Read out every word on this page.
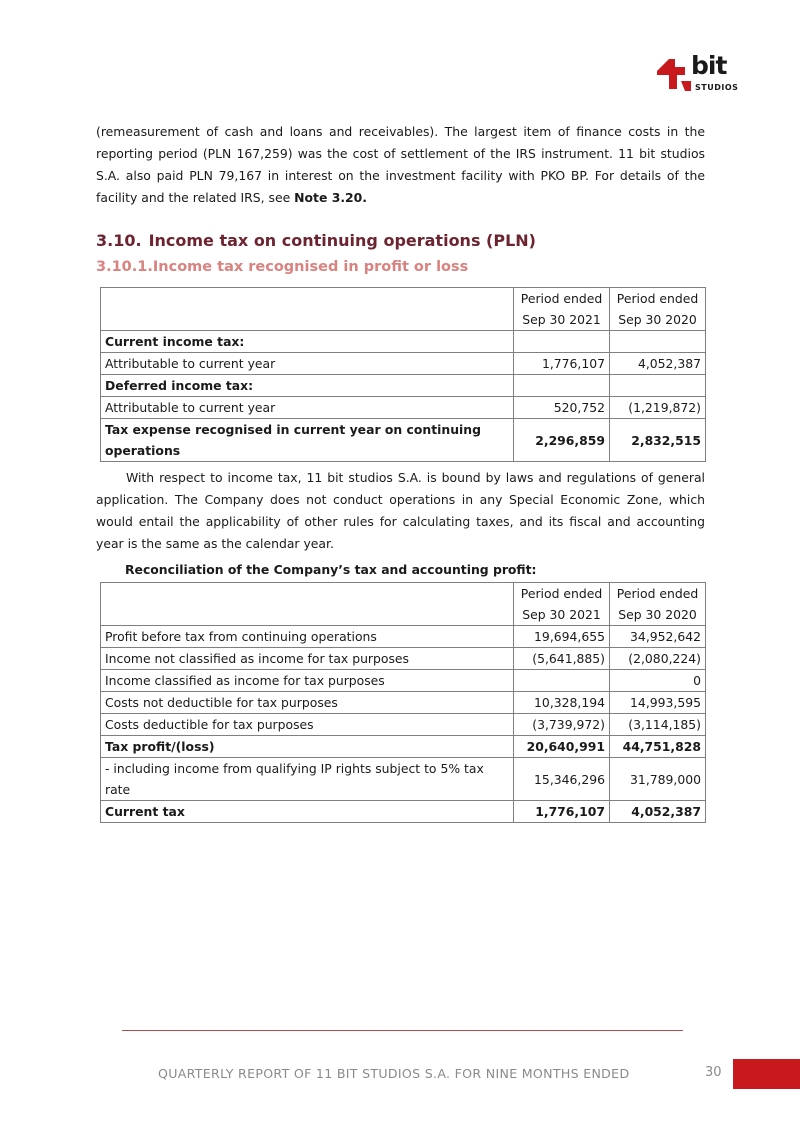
bit
STUDIOS

(remeasurement of cash and loans and receivables). The largest item of finance costs in the reporting period (PLN 167,259) was the cost of settlement of the IRS instrument. 11 bit studios S.A. also paid PLN 79,167 in interest on the investment facility with PKO BP. For details of the facility and the related IRS, see Note 3.20.

3.10. Income tax on continuing operations (PLN)
3.10.1.Income tax recognised in profit or loss
	Period ended Sep 30 2021	Period ended Sep 30 2020
Current income tax:		
Attributable to current year	1,776,107	4,052,387
Deferred income tax:		
Attributable to current year	520,752	(1,219,872)
Tax expense recognised in current year on continuing operations	2,296,859	2,832,515

With respect to income tax, 11 bit studios S.A. is bound by laws and regulations of general application. The Company does not conduct operations in any Special Economic Zone, which would entail the applicability of other rules for calculating taxes, and its fiscal and accounting year is the same as the calendar year.

Reconciliation of the Company’s tax and accounting profit:

	Period ended Sep 30 2021	Period ended Sep 30 2020
Profit before tax from continuing operations	19,694,655	34,952,642
Income not classified as income for tax purposes	(5,641,885)	(2,080,224)
Income classified as income for tax purposes		0
Costs not deductible for tax purposes	10,328,194	14,993,595
Costs deductible for tax purposes	(3,739,972)	(3,114,185)
Tax profit/(loss)	20,640,991	44,751,828
- including income from qualifying IP rights subject to 5% tax rate	15,346,296	31,789,000
Current tax	1,776,107	4,052,387
QUARTERLY REPORT OF 11 BIT STUDIOS S.A. FOR NINE MONTHS ENDED	30
